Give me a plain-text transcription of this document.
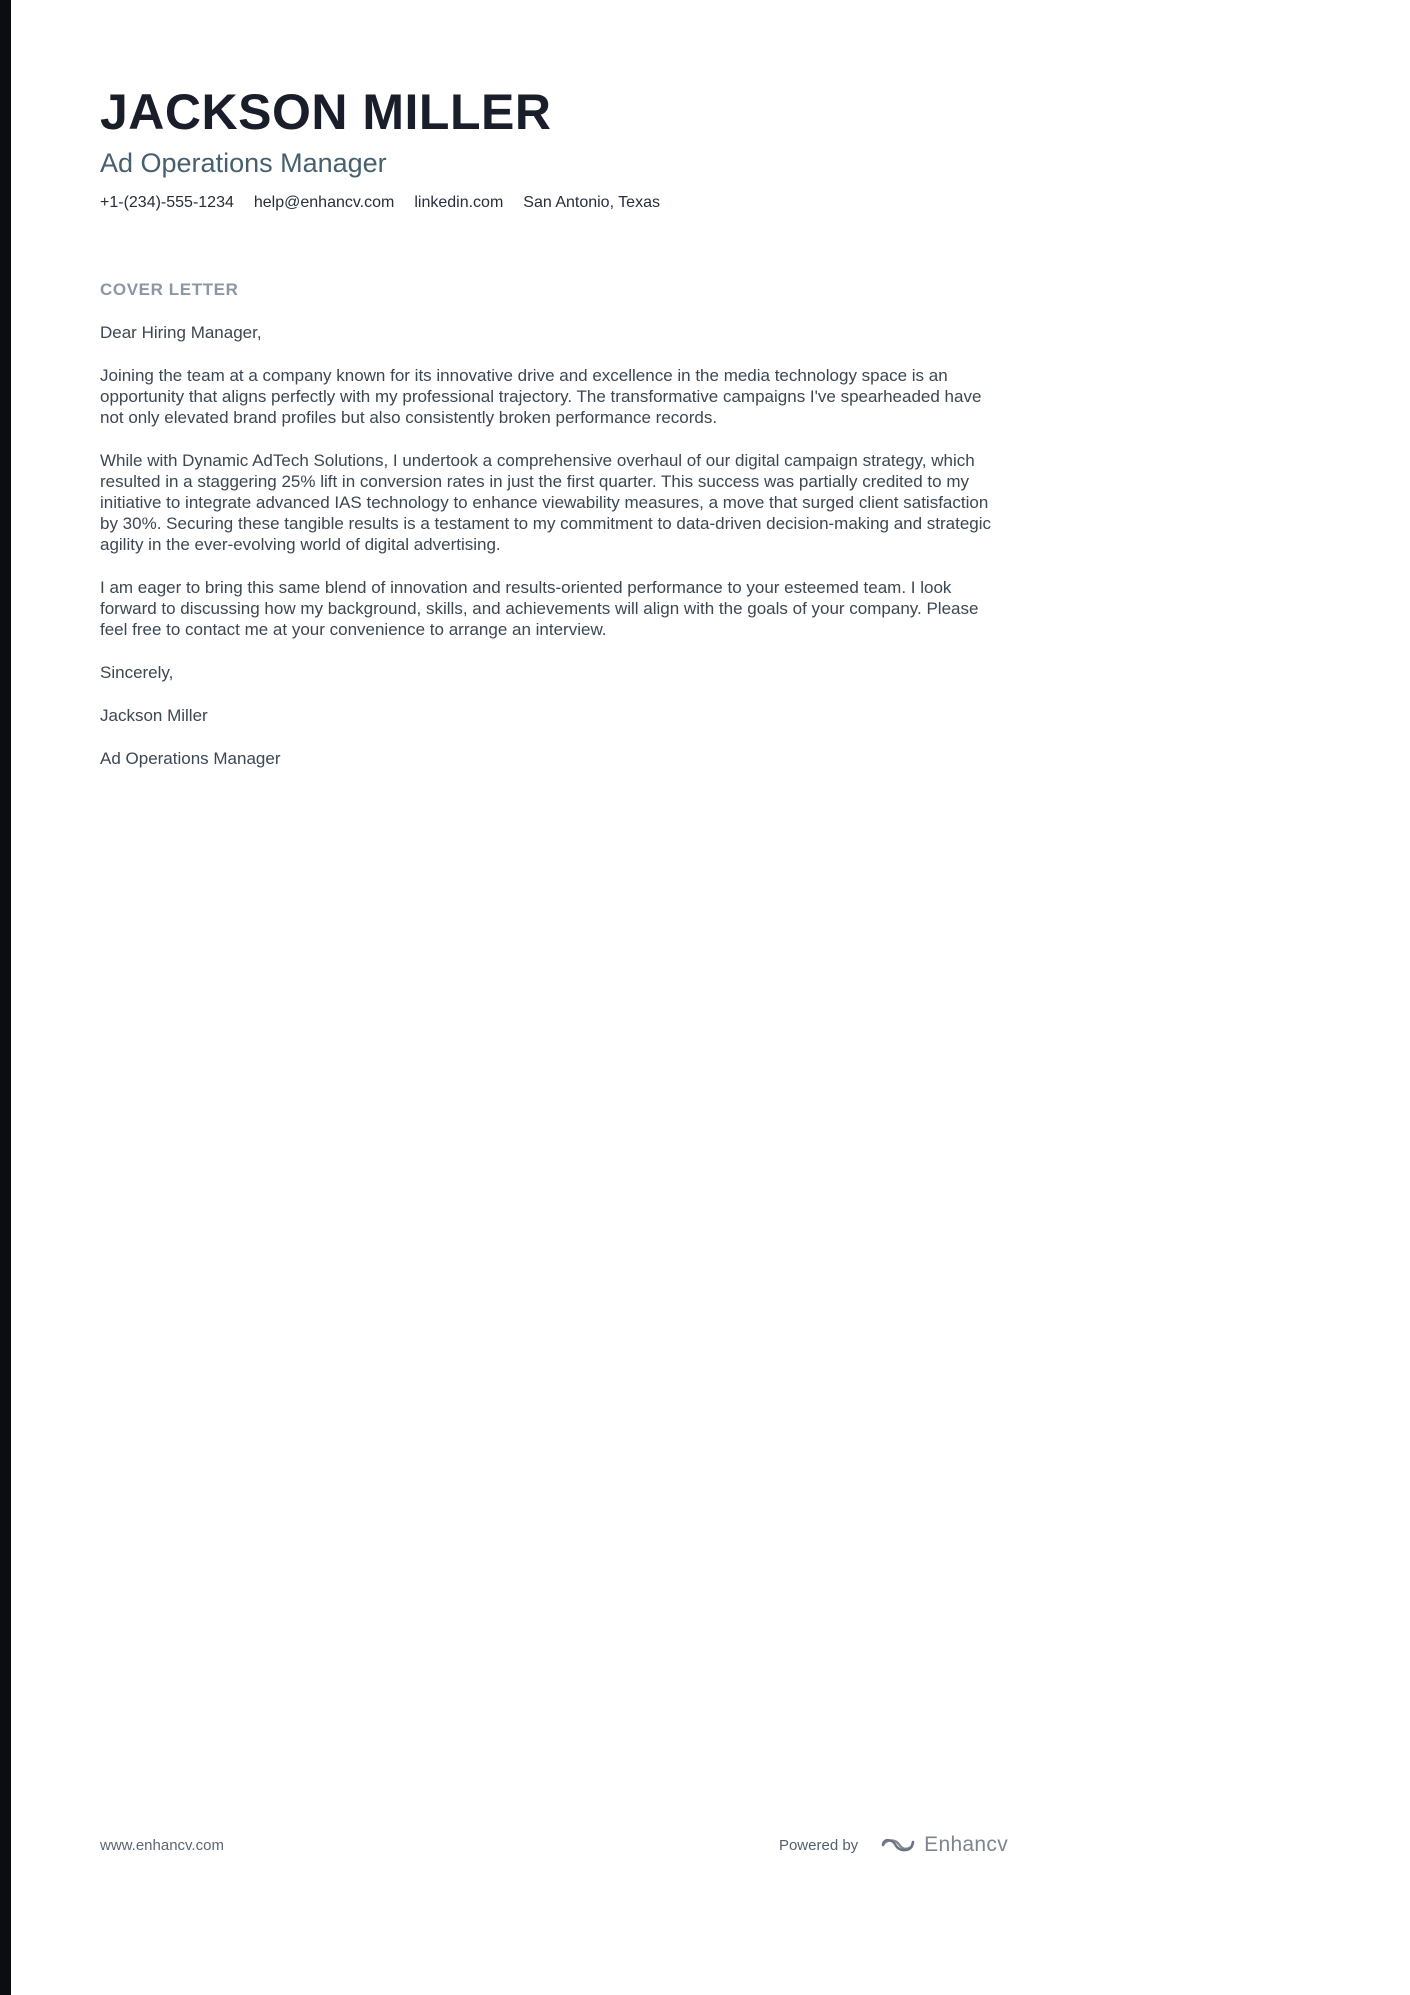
JACKSON MILLER
Ad Operations Manager
+1-(234)-555-1234 help@enhancv.com linkedin.com San Antonio, Texas
COVER LETTER

Dear Hiring Manager,

Joining the team at a company known for its innovative drive and excellence in the media technology space is an opportunity that aligns perfectly with my professional trajectory. The transformative campaigns I've spearheaded have not only elevated brand profiles but also consistently broken performance records.

While with Dynamic AdTech Solutions, I undertook a comprehensive overhaul of our digital campaign strategy, which resulted in a staggering 25% lift in conversion rates in just the first quarter. This success was partially credited to my initiative to integrate advanced IAS technology to enhance viewability measures, a move that surged client satisfaction by 30%. Securing these tangible results is a testament to my commitment to data-driven decision-making and strategic agility in the ever-evolving world of digital advertising.

I am eager to bring this same blend of innovation and results-oriented performance to your esteemed team. I look forward to discussing how my background, skills, and achievements will align with the goals of your company. Please feel free to contact me at your convenience to arrange an interview.

Sincerely,

Jackson Miller

Ad Operations Manager

www.enhancv.com	Powered by	Enhancv
